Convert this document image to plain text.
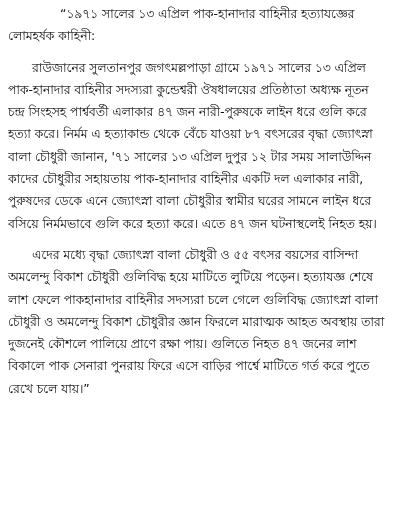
“১৯৭১ সালের ১৩ এপ্রিল পাক-হানাদার বাহিনীর হত্যাযজ্ঞের
লোমহর্ষক কাহিনী:
রাউজানের সুলতানপুর জগৎমল্লপাড়া গ্রামে ১৯৭১ সালের ১৩ এপ্রিল
পাক-হানাদার বাহিনীর সদস্যরা কুন্ডেশ্বরী ঔষধালয়ের প্রতিষ্ঠাতা অধ্যক্ষ নূতন
চন্দ্র সিংহসহ পার্শ্ববর্তী এলাকার ৪৭ জন নারী-পুরুষকে লাইন ধরে গুলি করে
হত্যা করে। নির্মম এ হত্যাকান্ড থেকে বেঁচে যাওয়া ৮৭ বৎসরের বৃদ্ধা জ্যোৎস্না
বালা চৌধুরী জানান, '৭১ সালের ১৩ এপ্রিল দুপুর ১২ টার সময় সালাউদ্দিন
কাদের চৌধুরীর সহায়তায় পাক-হানাদার বাহিনীর একটি দল এলাকার নারী,
পুরুষদের ডেকে এনে জ্যোৎস্না বালা চৌধুরীর স্বামীর ঘরের সামনে লাইন ধরে
বসিয়ে নির্মমভাবে গুলি করে হত্যা করে। এতে ৪৭ জন ঘটনাস্থলেই নিহত হয়।
এদের মধ্যে বৃদ্ধা জ্যোৎস্না বালা চৌধুরী ও ৫৫ বৎসর বয়সের বাসিন্দা
অমলেন্দু বিকাশ চৌধুরী গুলিবিদ্ধ হয়ে মাটিতে লুটিয়ে পড়েন। হত্যাযজ্ঞ শেষে
লাশ ফেলে পাকহানাদার বাহিনীর সদস্যরা চলে গেলে গুলিবিদ্ধ জ্যোৎস্না বালা
চৌধুরী ও অমলেন্দু বিকাশ চৌধুরীর জ্ঞান ফিরলে মারাত্মক আহত অবস্থায় তারা
দুজনেই কৌশলে পালিয়ে প্রাণে রক্ষা পায়। গুলিতে নিহত ৪৭ জনের লাশ
বিকালে পাক সেনারা পুনরায় ফিরে এসে বাড়ির পার্শ্বে মাটিতে গর্ত করে পুতে
রেখে চলে যায়।”
